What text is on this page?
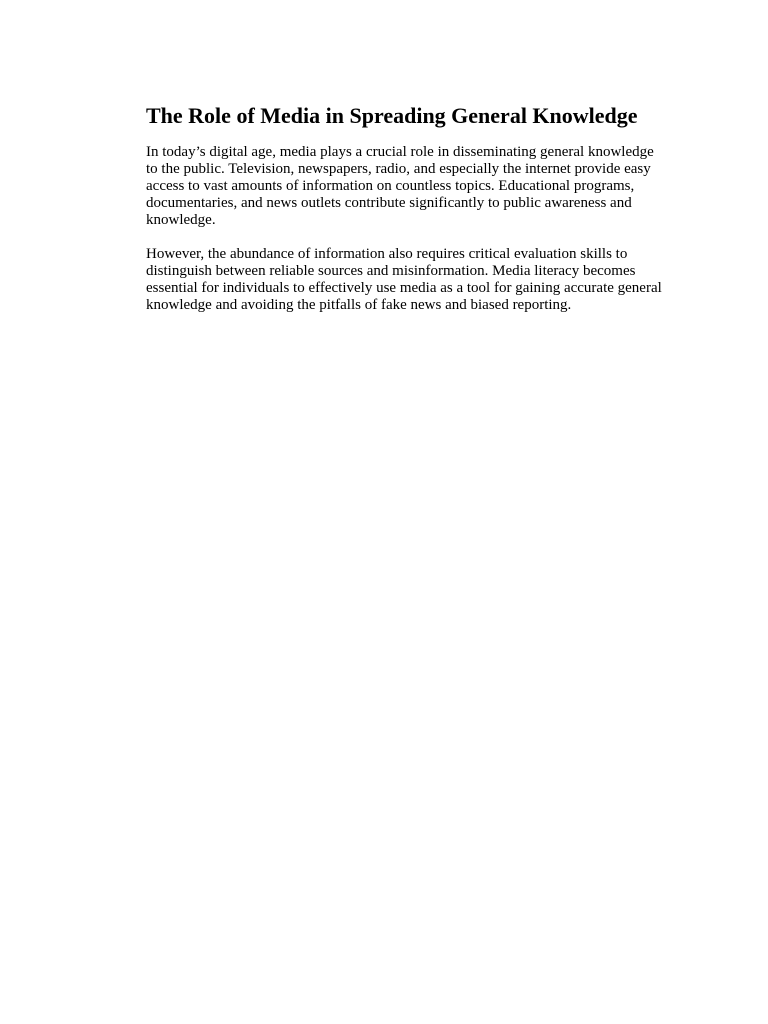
The Role of Media in Spreading General Knowledge

In today’s digital age, media plays a crucial role in disseminating general knowledge to the public. Television, newspapers, radio, and especially the internet provide easy access to vast amounts of information on countless topics. Educational programs, documentaries, and news outlets contribute significantly to public awareness and knowledge.

However, the abundance of information also requires critical evaluation skills to distinguish between reliable sources and misinformation. Media literacy becomes essential for individuals to effectively use media as a tool for gaining accurate general knowledge and avoiding the pitfalls of fake news and biased reporting.
